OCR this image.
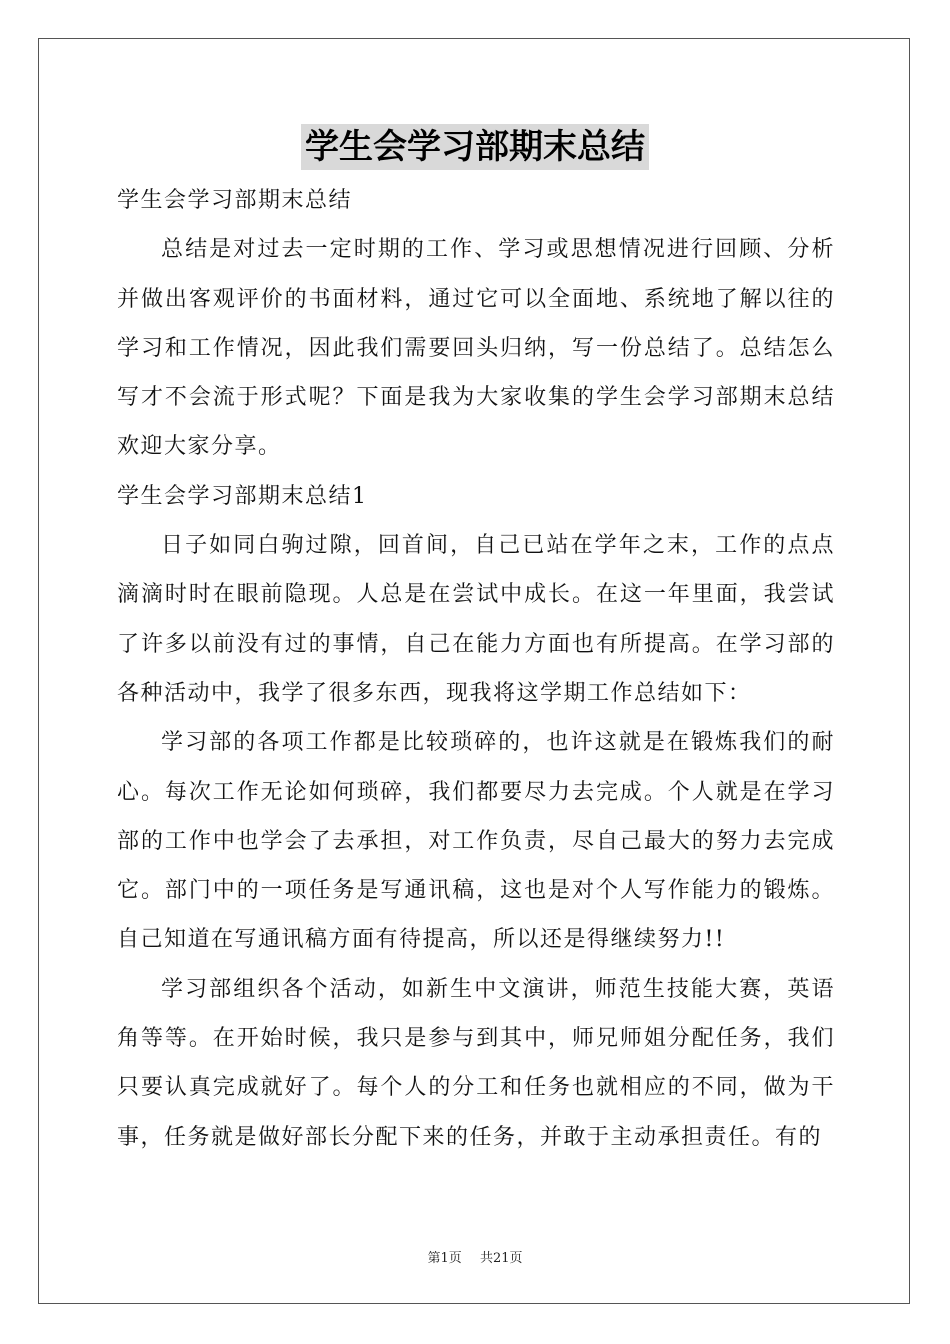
学生会学习部期末总结

学生会学习部期末总结

总结是对过去一定时期的工作、学习或思想情况进行回顾、分析并做出客观评价的书面材料，通过它可以全面地、系统地了解以往的学习和工作情况，因此我们需要回头归纳，写一份总结了。总结怎么写才不会流于形式呢？下面是我为大家收集的学生会学习部期末总结欢迎大家分享。

学生会学习部期末总结1

日子如同白驹过隙，回首间，自己已站在学年之末，工作的点点滴滴时时在眼前隐现。人总是在尝试中成长。在这一年里面，我尝试了许多以前没有过的事情，自己在能力方面也有所提高。在学习部的各种活动中，我学了很多东西，现我将这学期工作总结如下：

学习部的各项工作都是比较琐碎的，也许这就是在锻炼我们的耐心。每次工作无论如何琐碎，我们都要尽力去完成。个人就是在学习部的工作中也学会了去承担，对工作负责，尽自己最大的努力去完成它。部门中的一项任务是写通讯稿，这也是对个人写作能力的锻炼。自己知道在写通讯稿方面有待提高，所以还是得继续努力!!

学习部组织各个活动，如新生中文演讲，师范生技能大赛，英语角等等。在开始时候，我只是参与到其中，师兄师姐分配任务，我们只要认真完成就好了。每个人的分工和任务也就相应的不同，做为干事，任务就是做好部长分配下来的任务，并敢于主动承担责任。有的

第1页 共21页
